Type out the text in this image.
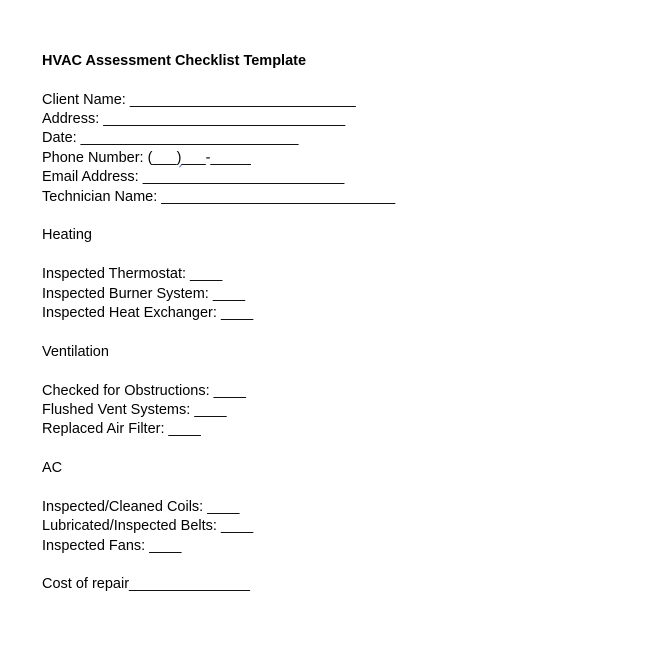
HVAC Assessment Checklist Template
Client Name: ____________________________
Address: ______________________________
Date: ___________________________
Phone Number: (___)___-_____
Email Address: _________________________
Technician Name: _____________________________
Heating
Inspected Thermostat: ____
Inspected Burner System: ____
Inspected Heat Exchanger: ____
Ventilation
Checked for Obstructions: ____
Flushed Vent Systems: ____
Replaced Air Filter: ____
AC
Inspected/Cleaned Coils: ____
Lubricated/Inspected Belts: ____
Inspected Fans: ____
Cost of repair_______________
